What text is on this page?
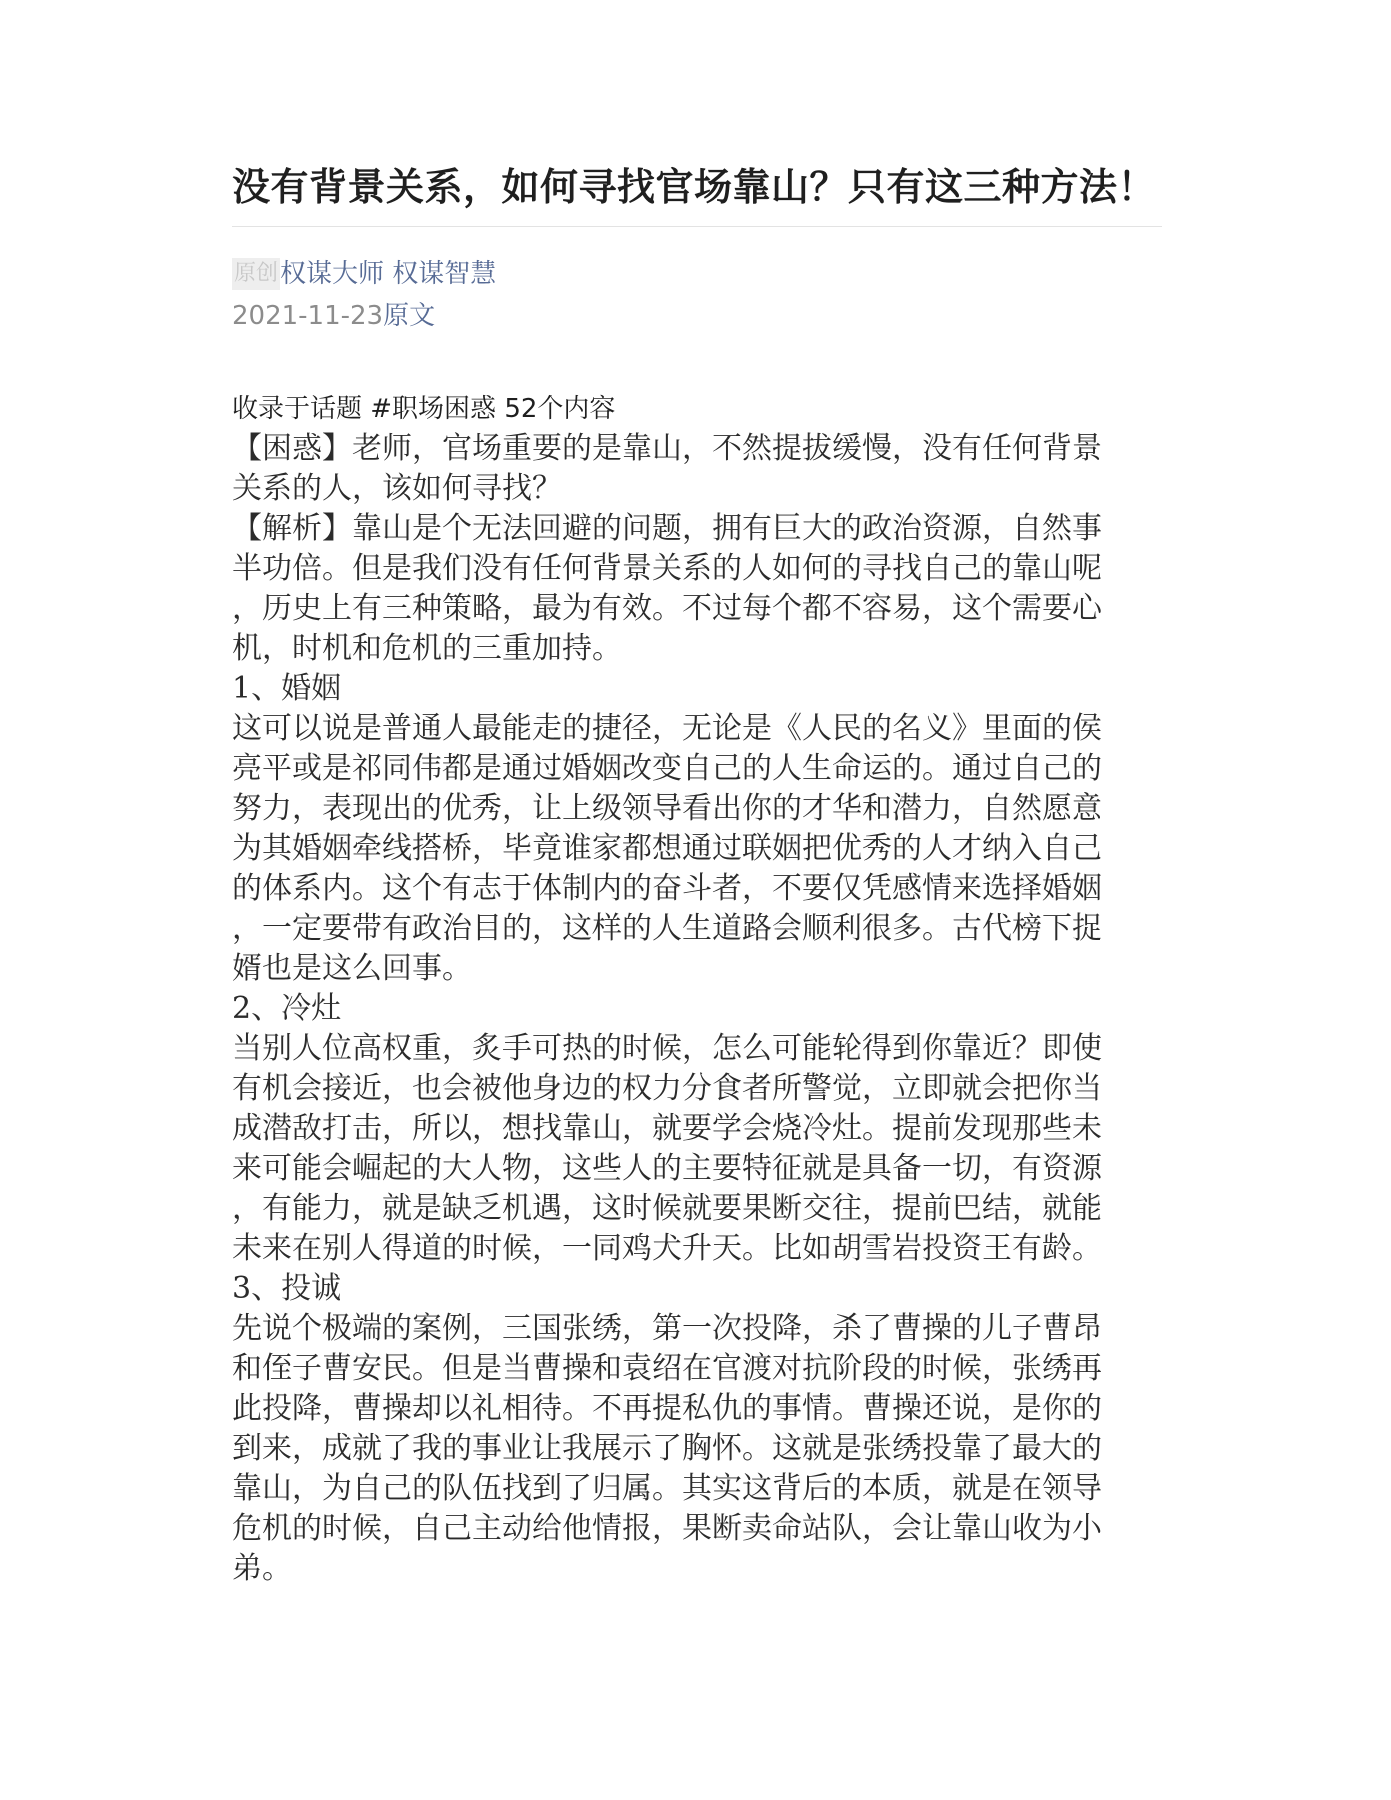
没有背景关系，如何寻找官场靠山？只有这三种方法！
原创权谋大师 权谋智慧
2021-11-23原文
收录于话题 #职场困惑 52个内容

【困惑】老师，官场重要的是靠山，不然提拔缓慢，没有任何背景

关系的人，该如何寻找？

【解析】靠山是个无法回避的问题，拥有巨大的政治资源，自然事

半功倍。但是我们没有任何背景关系的人如何的寻找自己的靠山呢

，历史上有三种策略，最为有效。不过每个都不容易，这个需要心

机，时机和危机的三重加持。

1、婚姻

这可以说是普通人最能走的捷径，无论是《人民的名义》里面的侯

亮平或是祁同伟都是通过婚姻改变自己的人生命运的。通过自己的

努力，表现出的优秀，让上级领导看出你的才华和潜力，自然愿意

为其婚姻牵线搭桥，毕竟谁家都想通过联姻把优秀的人才纳入自己

的体系内。这个有志于体制内的奋斗者，不要仅凭感情来选择婚姻

，一定要带有政治目的，这样的人生道路会顺利很多。古代榜下捉

婿也是这么回事。

2、冷灶

当别人位高权重，炙手可热的时候，怎么可能轮得到你靠近？即使

有机会接近，也会被他身边的权力分食者所警觉，立即就会把你当

成潜敌打击，所以，想找靠山，就要学会烧冷灶。提前发现那些未

来可能会崛起的大人物，这些人的主要特征就是具备一切，有资源

，有能力，就是缺乏机遇，这时候就要果断交往，提前巴结，就能

未来在别人得道的时候，一同鸡犬升天。比如胡雪岩投资王有龄。

3、投诚

先说个极端的案例，三国张绣，第一次投降，杀了曹操的儿子曹昂

和侄子曹安民。但是当曹操和袁绍在官渡对抗阶段的时候，张绣再

此投降，曹操却以礼相待。不再提私仇的事情。曹操还说，是你的

到来，成就了我的事业让我展示了胸怀。这就是张绣投靠了最大的

靠山，为自己的队伍找到了归属。其实这背后的本质，就是在领导

危机的时候，自己主动给他情报，果断卖命站队，会让靠山收为小

弟。
